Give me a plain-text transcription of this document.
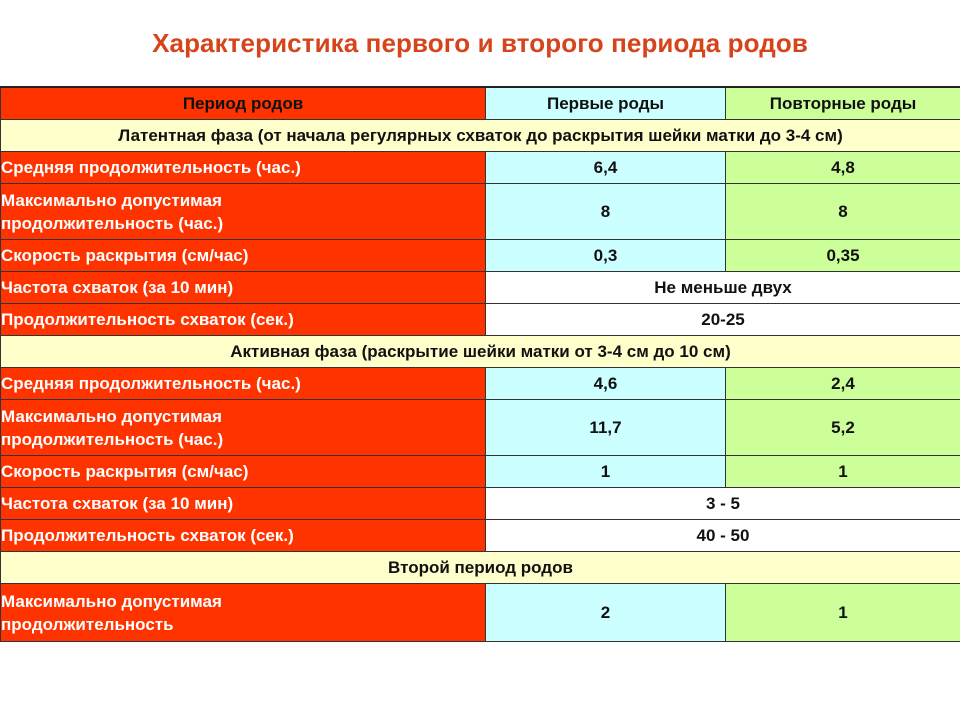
Характеристика первого и второго периода родов
Период родов	Первые роды	Повторные роды
Латентная фаза (от начала регулярных схваток до раскрытия шейки матки до 3-4 см)		
Средняя продолжительность (час.)	6,4	4,8

Максимально допустимая
продолжительность (час.)	8	8
Скорость раскрытия (см/час)	0,3	0,35
Частота схваток (за 10 мин)	Не меньше двух	
Продолжительность схваток (сек.)	20-25	
Активная фаза (раскрытие шейки матки от 3-4 см до 10 см)		
Средняя продолжительность (час.)	4,6	2,4

Максимально допустимая
продолжительность (час.)	11,7	5,2
Скорость раскрытия (см/час)	1	1
Частота схваток (за 10 мин)	3 - 5	
Продолжительность схваток (сек.)	40 - 50	
Второй период родов		

Максимально допустимая
продолжительность	2	1
